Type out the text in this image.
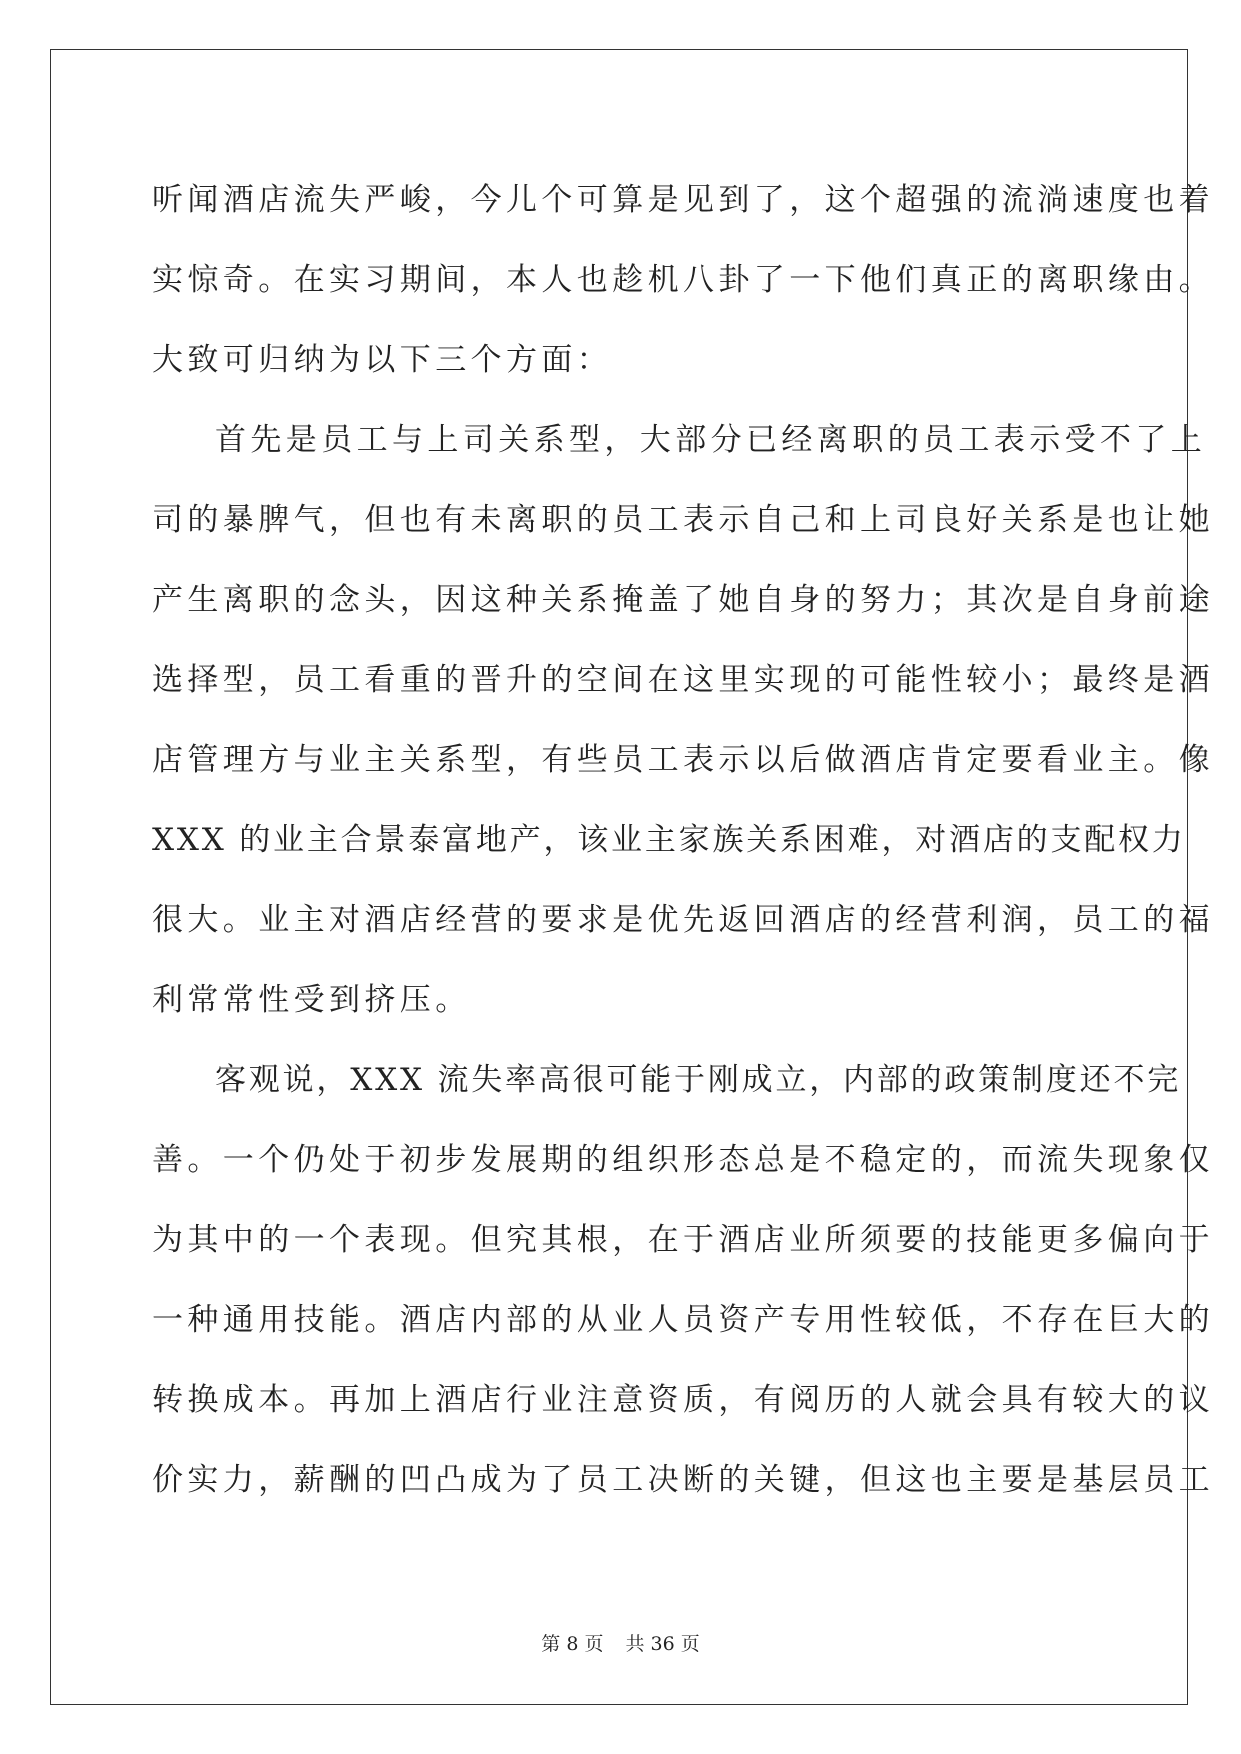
听闻酒店流失严峻，今儿个可算是见到了，这个超强的流淌速度也着
实惊奇。在实习期间，本人也趁机八卦了一下他们真正的离职缘由。
大致可归纳为以下三个方面：
首先是员工与上司关系型，大部分已经离职的员工表示受不了上
司的暴脾气，但也有未离职的员工表示自己和上司良好关系是也让她
产生离职的念头，因这种关系掩盖了她自身的努力；其次是自身前途
选择型，员工看重的晋升的空间在这里实现的可能性较小；最终是酒
店管理方与业主关系型，有些员工表示以后做酒店肯定要看业主。像
XXX 的业主合景泰富地产，该业主家族关系困难，对酒店的支配权力
很大。业主对酒店经营的要求是优先返回酒店的经营利润，员工的福
利常常性受到挤压。
客观说，XXX 流失率高很可能于刚成立，内部的政策制度还不完
善。一个仍处于初步发展期的组织形态总是不稳定的，而流失现象仅
为其中的一个表现。但究其根，在于酒店业所须要的技能更多偏向于
一种通用技能。酒店内部的从业人员资产专用性较低，不存在巨大的
转换成本。再加上酒店行业注意资质，有阅历的人就会具有较大的议
价实力，薪酬的凹凸成为了员工决断的关键，但这也主要是基层员工
第 8 页 共 36 页
